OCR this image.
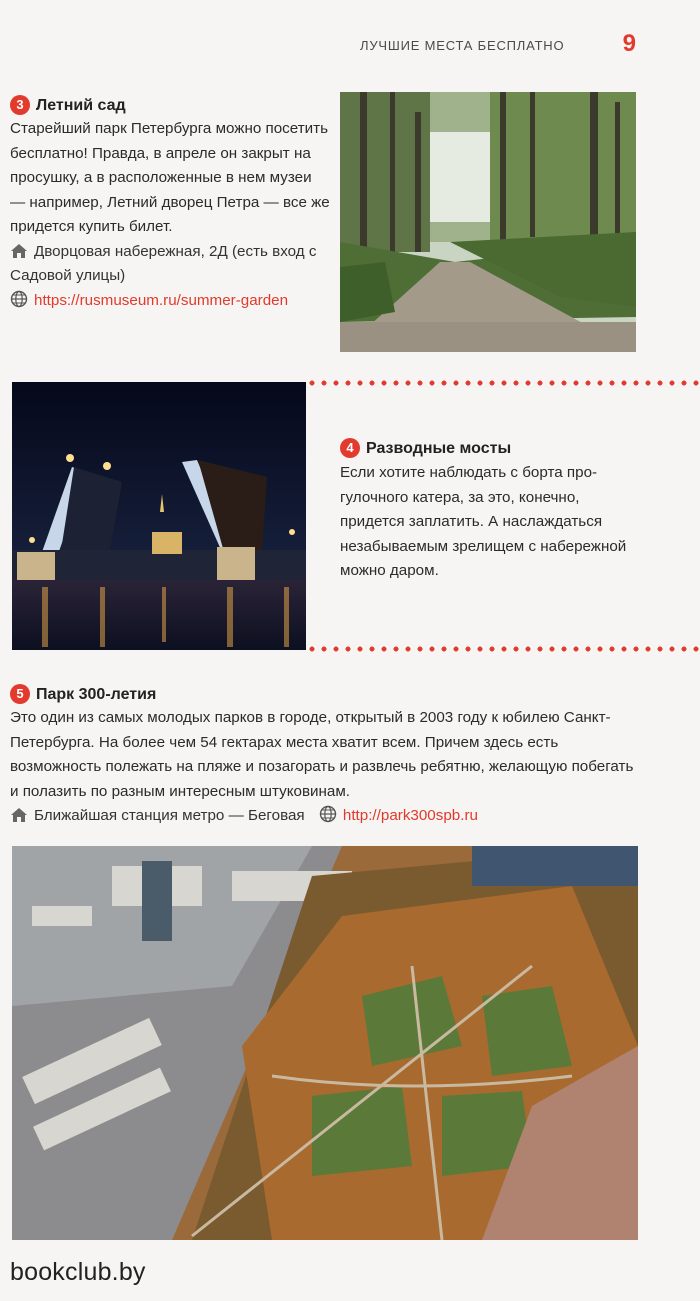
ЛУЧШИЕ МЕСТА БЕСПЛАТНО	9
3 Летний сад
Старейший парк Петербурга можно посетить бесплатно! Правда, в апреле он закрыт на просушку, а в расположенные в нем музеи — например, Летний дворец Петра — все же придется купить билет.
Дворцовая набережная, 2Д (есть вход с Садовой улицы)
https://rusmuseum.ru/summer-garden
4 Разводные мосты
Если хотите наблюдать с борта прогулочного катера, за это, конечно, придется заплатить. А наслаждаться незабываемым зрелищем с набережной можно даром.
5 Парк 300-летия
Это один из самых молодых парков в городе, открытый в 2003 году к юбилею Санкт-Петербурга. На более чем 54 гектарах места хватит всем. Причем здесь есть возможность полежать на пляже и позагорать и развлечь ребятню, желающую побегать и полазить по разным интересным штуковинам.
Ближайшая станция метро — Беговая	http://park300spb.ru
bookclub.by
